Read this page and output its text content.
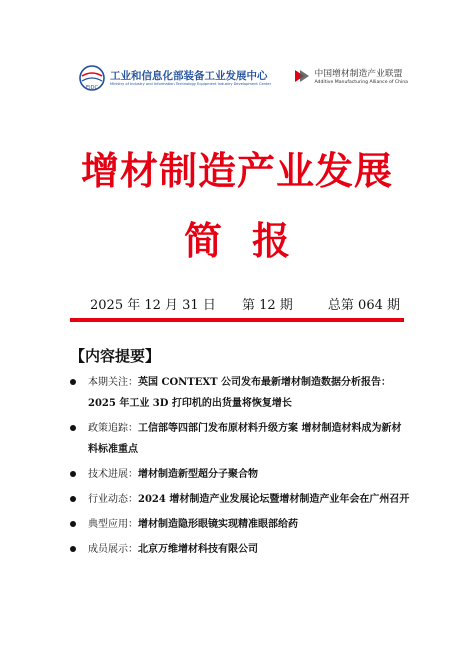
EIDC
工业和信息化部装备工业发展中心
Ministry of Industry and Information Technology Equipment Industry Development Center
中国增材制造产业联盟
Additive Manufacturing Alliance of China
增材制造产业发展
简报
2025 年 12 月 31 日 第 12 期	总第 064 期
【内容提要】
本期关注：英国 CONTEXT 公司发布最新增材制造数据分析报告：2025 年工业 3D 打印机的出货量将恢复增长
政策追踪：工信部等四部门发布原材料升级方案 增材制造材料成为新材料标准重点
技术进展：增材制造新型超分子聚合物
行业动态：2024 增材制造产业发展论坛暨增材制造产业年会在广州召开
典型应用：增材制造隐形眼镜实现精准眼部给药
成员展示：北京万维增材科技有限公司
